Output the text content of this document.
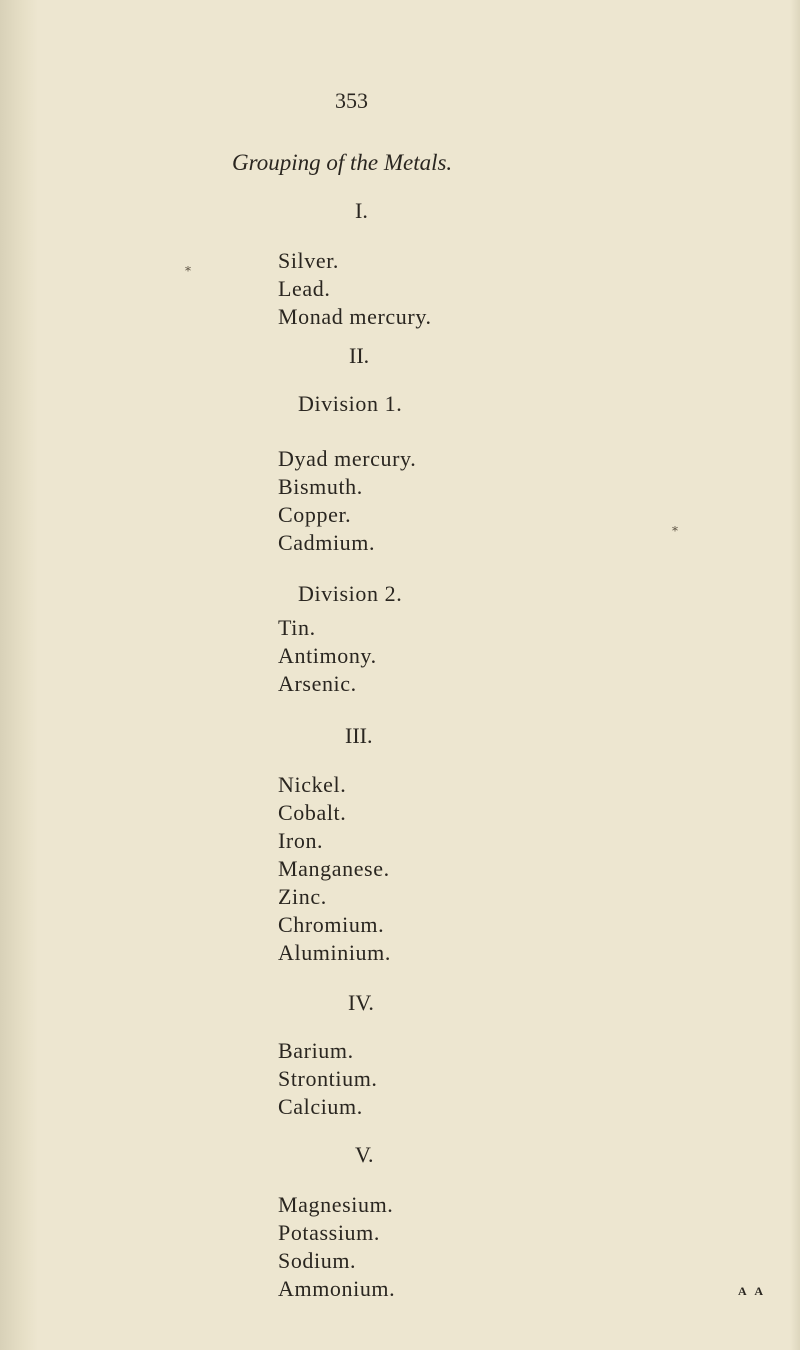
353
Grouping of the Metals.
I.
Silver.
Lead.
Monad mercury.
II.
Division 1.
Dyad mercury.
Bismuth.
Copper.
Cadmium.
Division 2.
Tin.
Antimony.
Arsenic.
III.
Nickel.
Cobalt.
Iron.
Manganese.
Zinc.
Chromium.
Aluminium.
IV.
Barium.
Strontium.
Calcium.
V.
Magnesium.
Potassium.
Sodium.
Ammonium.	A A
⁎
⁎
